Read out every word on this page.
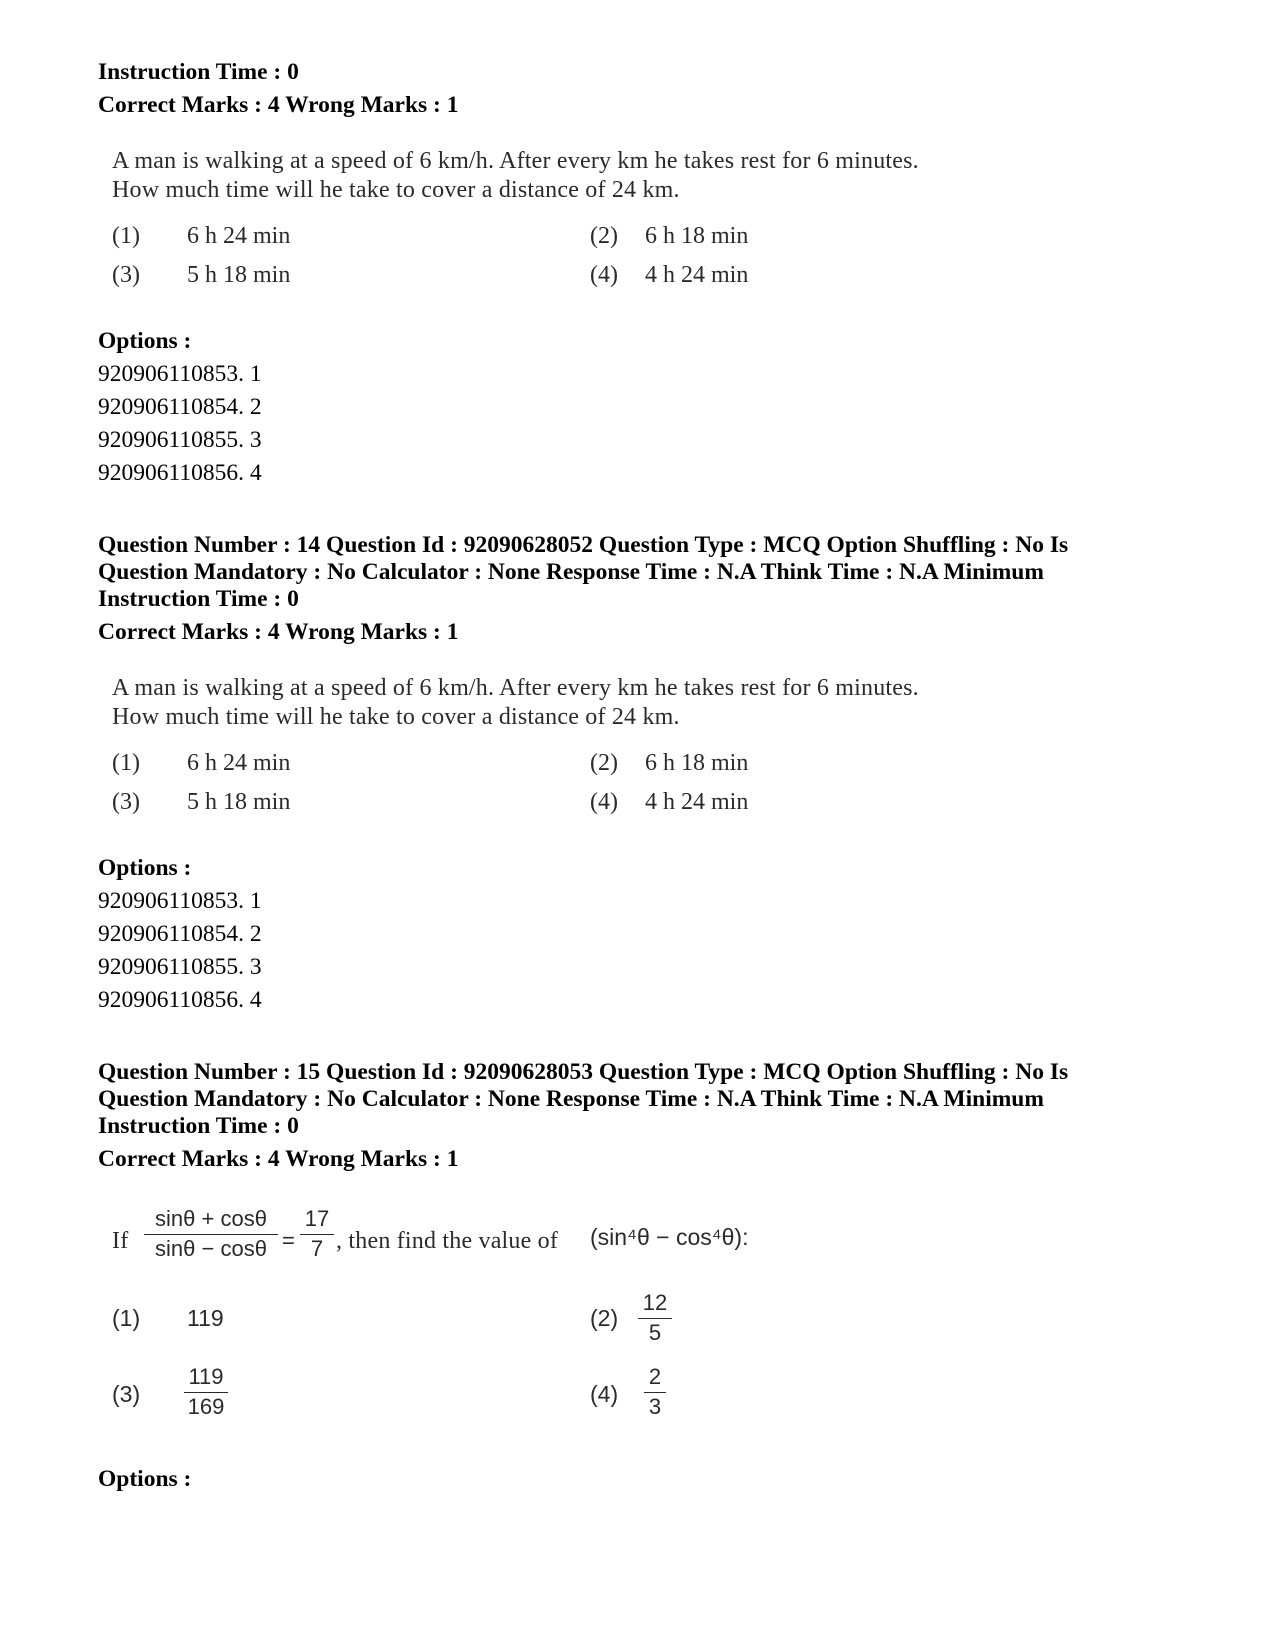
Instruction Time : 0
Correct Marks : 4 Wrong Marks : 1
A man is walking at a speed of 6 km/h. After every km he takes rest for 6 minutes.
How much time will he take to cover a distance of 24 km.
(1) 6 h 24 min	(2) 6 h 18 min
(3) 5 h 18 min	(4) 4 h 24 min
Options :
920906110853. 1
920906110854. 2
920906110855. 3
920906110856. 4
Question Number : 14 Question Id : 92090628052 Question Type : MCQ Option Shuffling : No Is
Question Mandatory : No Calculator : None Response Time : N.A Think Time : N.A Minimum
Instruction Time : 0
Correct Marks : 4 Wrong Marks : 1
A man is walking at a speed of 6 km/h. After every km he takes rest for 6 minutes.
How much time will he take to cover a distance of 24 km.
(1) 6 h 24 min	(2) 6 h 18 min
(3) 5 h 18 min	(4) 4 h 24 min
Options :
920906110853. 1
920906110854. 2
920906110855. 3
920906110856. 4
Question Number : 15 Question Id : 92090628053 Question Type : MCQ Option Shuffling : No Is
Question Mandatory : No Calculator : None Response Time : N.A Think Time : N.A Minimum
Instruction Time : 0
Correct Marks : 4 Wrong Marks : 1
If $\frac{\sin\theta + \cos\theta}{\sin\theta - \cos\theta} = \frac{17}{7}$ , then find the value of (sin⁴θ − cos⁴θ):
(1) 119	$(2) \frac{12}{5}$
$(3) \frac{119}{169}$	$(4) \frac{2}{3}$
Options :
